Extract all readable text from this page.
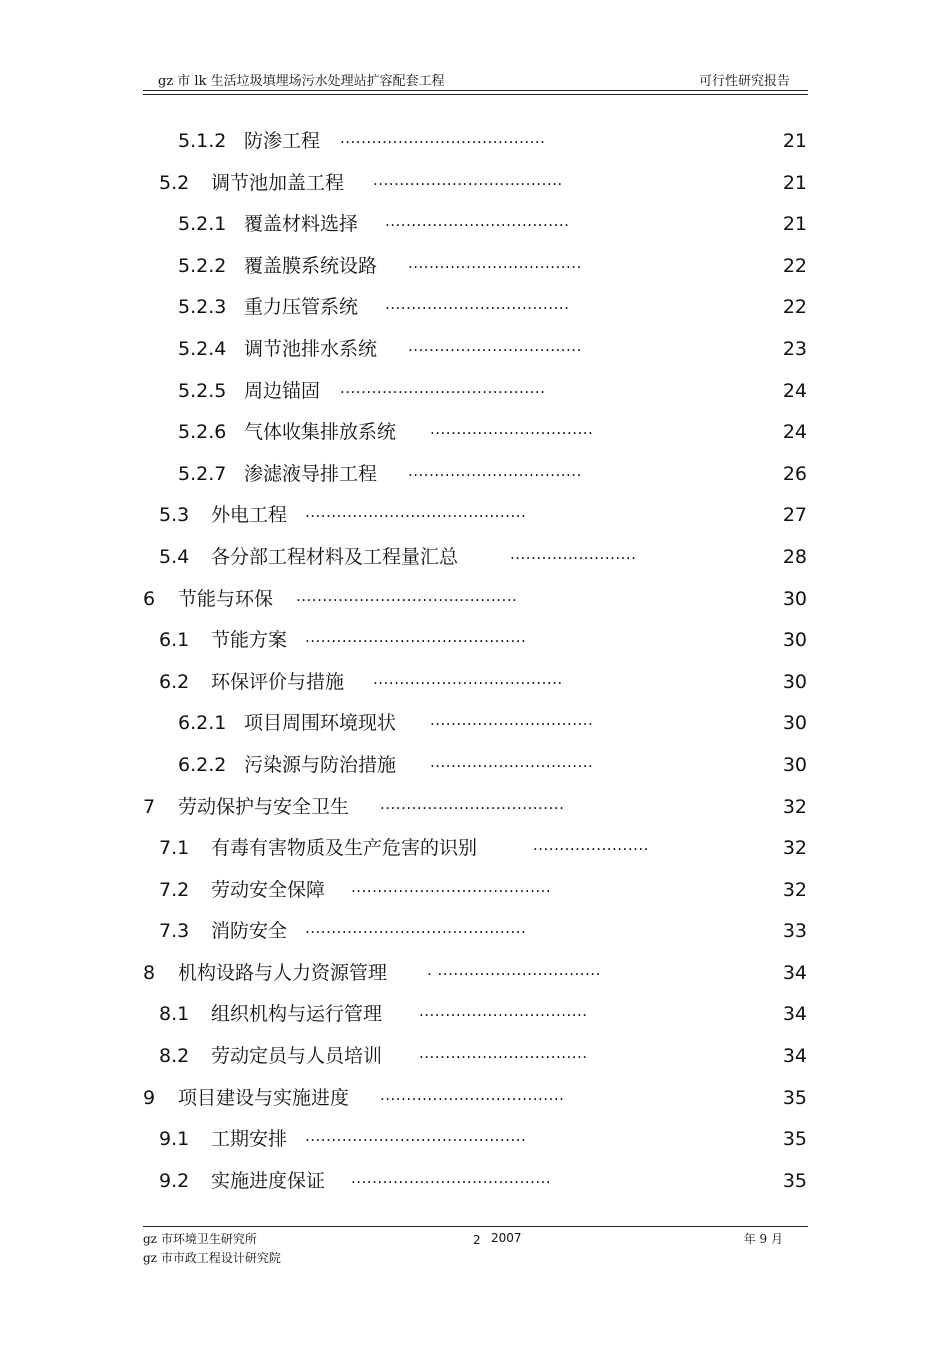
gz 市 lk 生活垃圾填埋场污水处理站扩容配套工程	可行性研究报告
5.1.2 防渗工程 .......................................	21
5.2 调节池加盖工程 ....................................	21
5.2.1 覆盖材料选择 ...................................	21
5.2.2 覆盖膜系统设路 .................................	22
5.2.3 重力压管系统 ...................................	22
5.2.4 调节池排水系统 .................................	23
5.2.5 周边锚固 .......................................	24
5.2.6 气体收集排放系统 ...............................	24
5.2.7 渗滤液导排工程 .................................	26
5.3 外电工程 ..........................................	27
5.4 各分部工程材料及工程量汇总	........................	28
6 节能与环保 ..........................................	30
6.1 节能方案 ..........................................	30
6.2 环保评价与措施 ....................................	30
6.2.1 项目周围环境现状 ...............................	30
6.2.2 污染源与防治措施 ...............................	30
7 劳动保护与安全卫生 ...................................	32
7.1 有毒有害物质及生产危害的识别	......................	32
7.2 劳动安全保障 ......................................	32
7.3 消防安全 ..........................................	33
8 机构设路与人力资源管理	. ...............................	34
8.1 组织机构与运行管理 ................................	34
8.2 劳动定员与人员培训 ................................	34
9 项目建设与实施进度 ...................................	35
9.1 工期安排 ..........................................	35
9.2 实施进度保证 ......................................	35
gz 市环境卫生研究所
gz 市市政工程设计研究院
2 2007	年 9 月
